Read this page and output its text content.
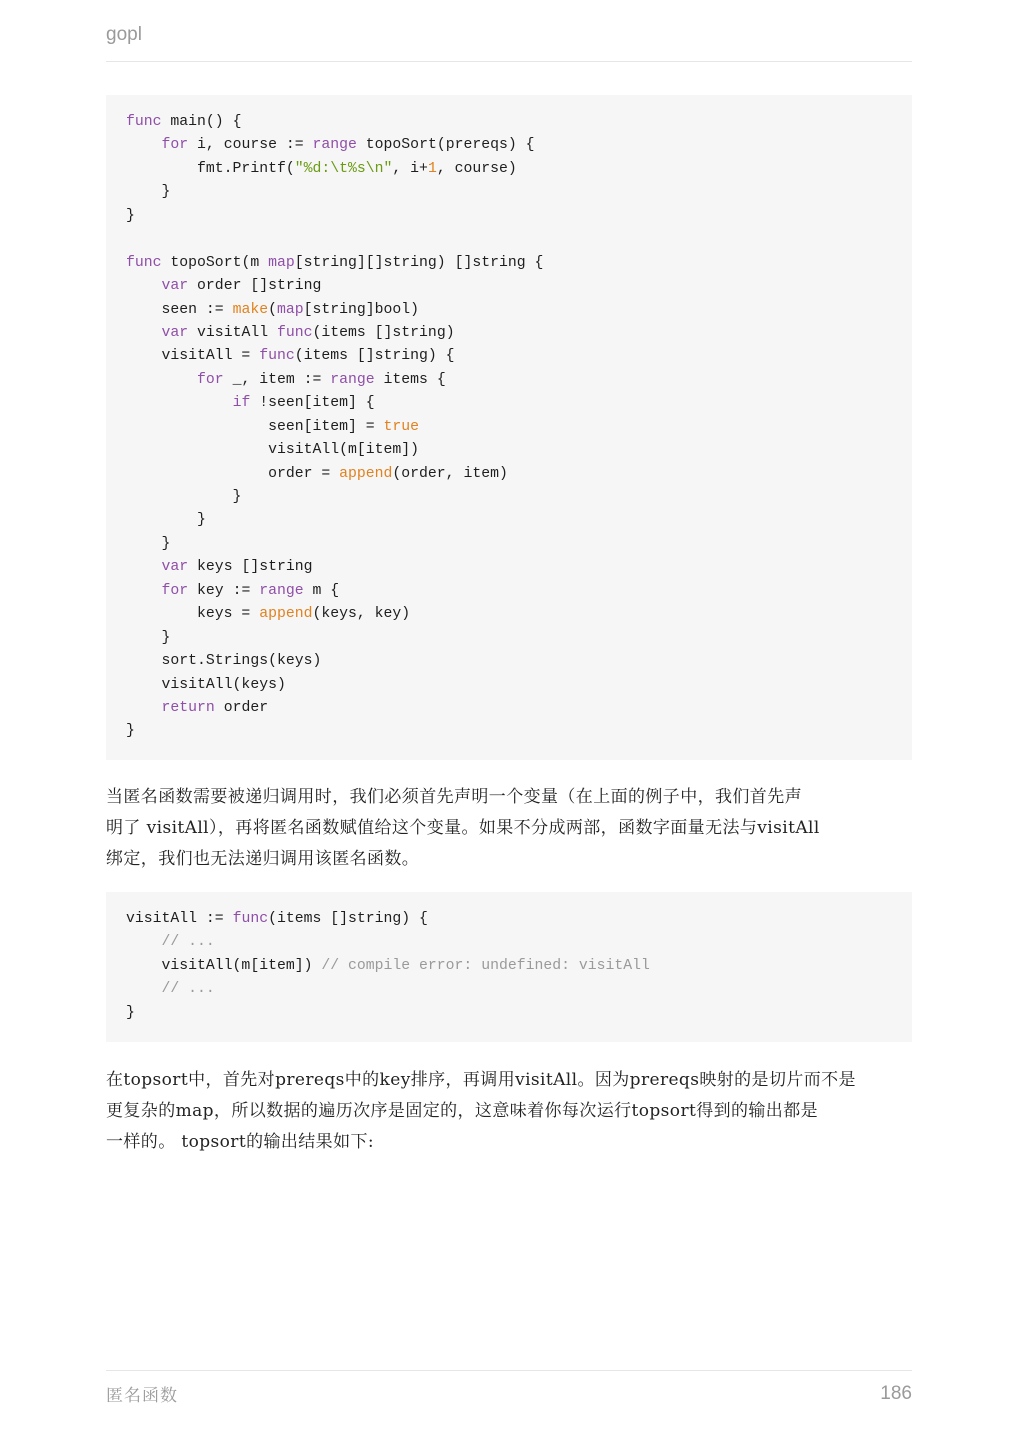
gopl
func main() {
for i, course := range topoSort(prereqs) {
fmt.Printf("%d:\t%s\n", i+1, course)
}
}
func topoSort(m map[string][]string) []string {
var order []string
seen := make(map[string]bool)
var visitAll func(items []string)
visitAll = func(items []string) {
for _, item := range items {
if !seen[item] {
seen[item] = true
visitAll(m[item])
order = append(order, item)
}
}
}
var keys []string
for key := range m {
keys = append(keys, key)
}
sort.Strings(keys)
visitAll(keys)
return order
}
当匿名函数需要被递归调用时，我们必须首先声明一个变量（在上面的例子中，我们首先声
明了 visitAll），再将匿名函数赋值给这个变量。如果不分成两部，函数字面量无法与visitAll
绑定，我们也无法递归调用该匿名函数。
visitAll := func(items []string) {
// ...
visitAll(m[item]) // compile error: undefined: visitAll
// ...
}
在topsort中，首先对prereqs中的key排序，再调用visitAll。因为prereqs映射的是切片而不是
更复杂的map，所以数据的遍历次序是固定的，这意味着你每次运行topsort得到的输出都是
一样的。 topsort的输出结果如下:
匿名函数	186
